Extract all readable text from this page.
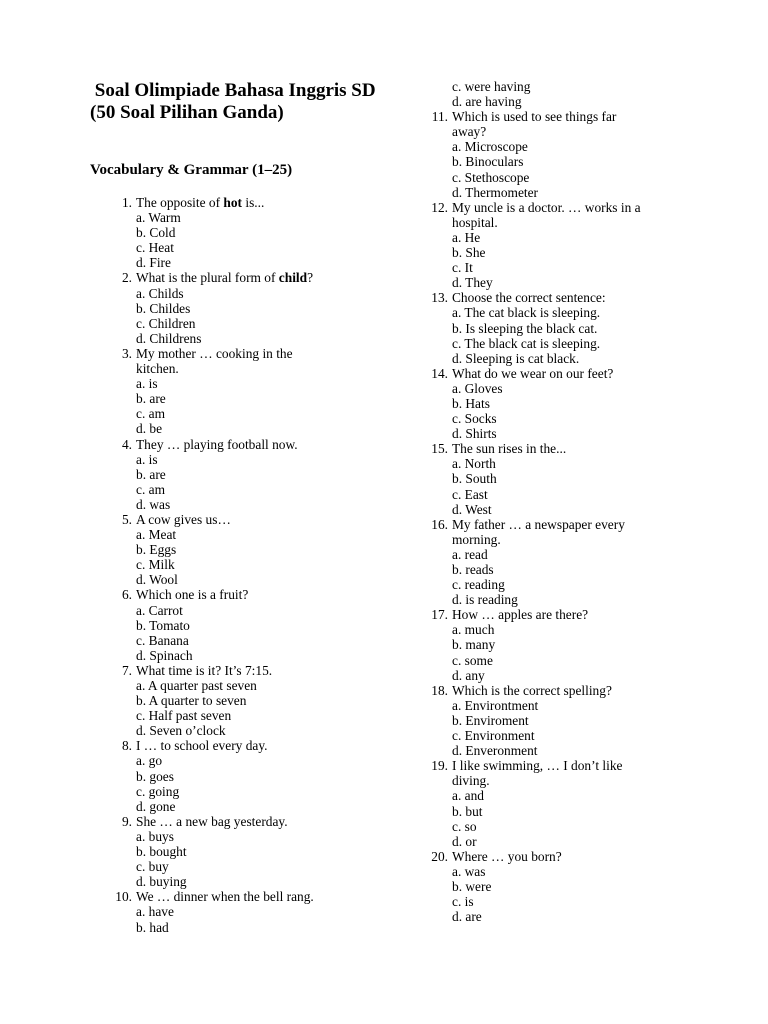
Soal Olimpiade Bahasa Inggris SD (50 Soal Pilihan Ganda)
Vocabulary & Grammar (1–25)
1. The opposite of hot is...
a. Warm
b. Cold
c. Heat
d. Fire
2. What is the plural form of child?
a. Childs
b. Childes
c. Children
d. Childrens
3. My mother … cooking in the
kitchen.
a. is
b. are
c. am
d. be
4. They … playing football now.
a. is
b. are
c. am
d. was
5. A cow gives us…
a. Meat
b. Eggs
c. Milk
d. Wool
6. Which one is a fruit?
a. Carrot
b. Tomato
c. Banana
d. Spinach
7. What time is it? It’s 7:15.
a. A quarter past seven
b. A quarter to seven
c. Half past seven
d. Seven o’clock
8. I … to school every day.
a. go
b. goes
c. going
d. gone
9. She … a new bag yesterday.
a. buys
b. bought
c. buy
d. buying
10. We … dinner when the bell rang.
a. have
b. had
c. were having
d. are having
11. Which is used to see things far
away?
a. Microscope
b. Binoculars
c. Stethoscope
d. Thermometer
12. My uncle is a doctor. … works in a
hospital.
a. He
b. She
c. It
d. They
13. Choose the correct sentence:
a. The cat black is sleeping.
b. Is sleeping the black cat.
c. The black cat is sleeping.
d. Sleeping is cat black.
14. What do we wear on our feet?
a. Gloves
b. Hats
c. Socks
d. Shirts
15. The sun rises in the...
a. North
b. South
c. East
d. West
16. My father … a newspaper every
morning.
a. read
b. reads
c. reading
d. is reading
17. How … apples are there?
a. much
b. many
c. some
d. any
18. Which is the correct spelling?
a. Environtment
b. Enviroment
c. Environment
d. Enveronment
19. I like swimming, … I don’t like
diving.
a. and
b. but
c. so
d. or
20. Where … you born?
a. was
b. were
c. is
d. are
